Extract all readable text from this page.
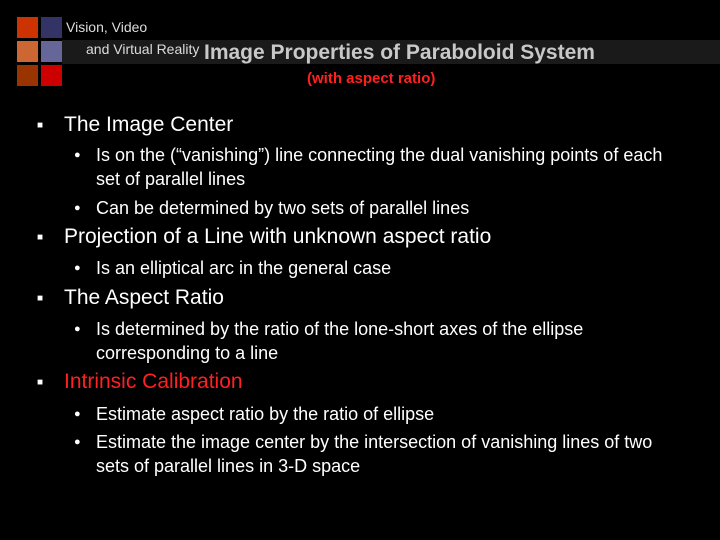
Vision, Video
and Virtual Reality Image Properties of Paraboloid System
(with aspect ratio)
■ The Image Center
● Is on the (“vanishing”) line connecting the dual vanishing points of each set of parallel lines
● Can be determined by two sets of parallel lines
■ Projection of a Line with unknown aspect ratio
● Is an elliptical arc in the general case
■ The Aspect Ratio
● Is determined by the ratio of the lone-short axes of the ellipse corresponding to a line
■ Intrinsic Calibration
● Estimate aspect ratio by the ratio of ellipse
● Estimate the image center by the intersection of vanishing lines of two sets of parallel lines in 3-D space
